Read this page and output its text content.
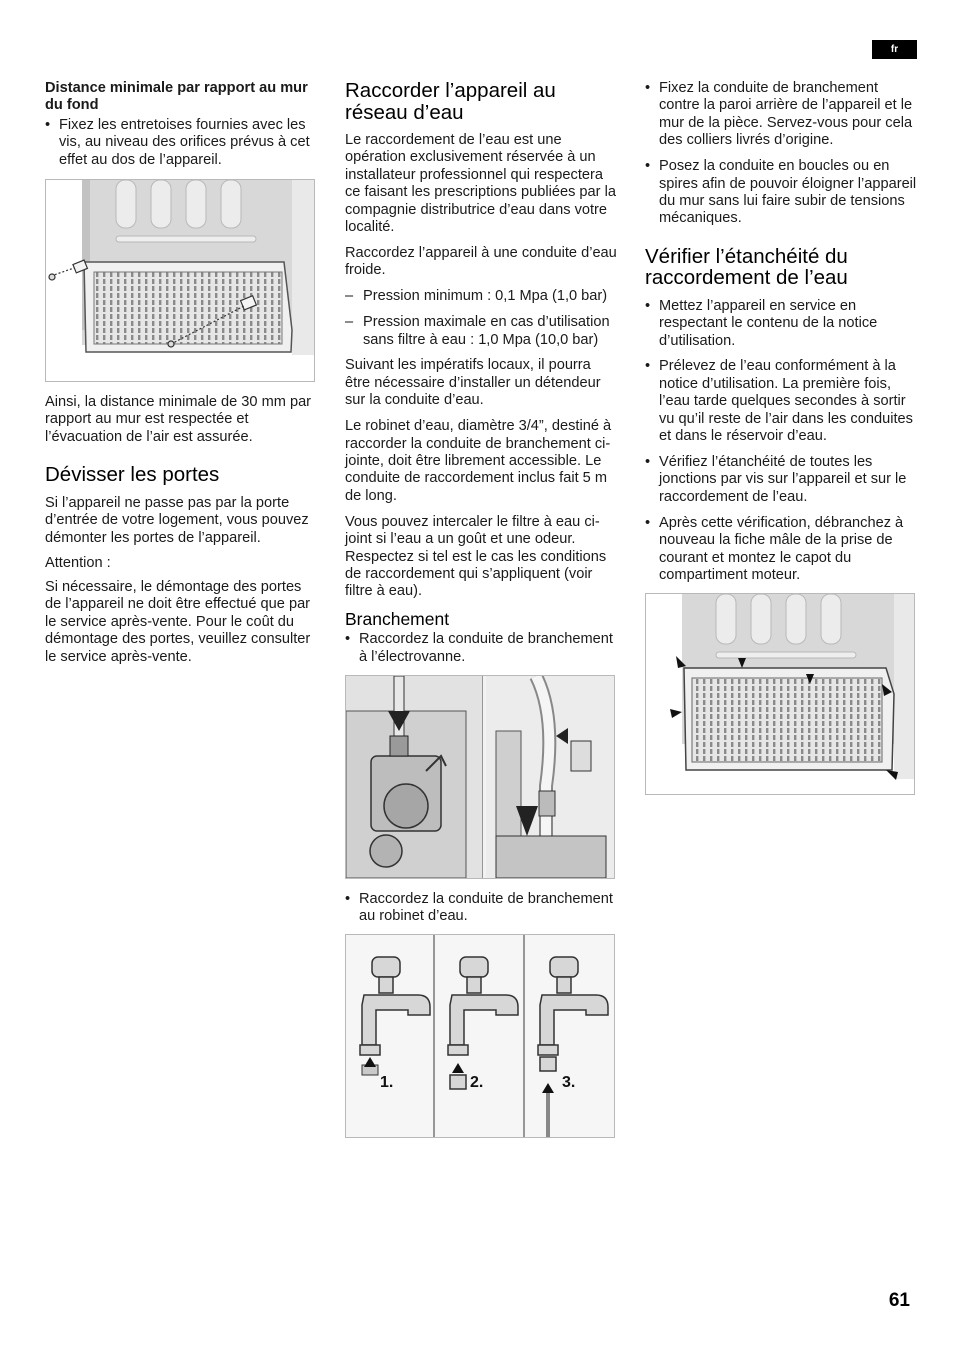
fr
Distance minimale par rapport au mur du fond
• Fixez les entretoises fournies avec les vis, au niveau des orifices prévus à cet effet au dos de l’appareil.

Ainsi, la distance minimale de 30 mm par rapport au mur est respectée et l’évacuation de l’air est assurée.

Dévisser les portes

Si l’appareil ne passe pas par la porte d’entrée de votre logement, vous pouvez démonter les portes de l’appareil.

Attention :

Si nécessaire, le démontage des portes de l’appareil ne doit être effectué que par le service après-vente. Pour le coût du démontage des portes, veuillez consulter le service après-vente.

Raccorder l’appareil au réseau d’eau

Le raccordement de l’eau est une opération exclusivement réservée à un installateur professionnel qui respectera ce faisant les prescriptions publiées par la compagnie distributrice d’eau dans votre localité.

Raccordez l’appareil à une conduite d’eau froide.

– Pression minimum : 0,1 Mpa (1,0 bar)
– Pression maximale en cas d’utilisation sans filtre à eau : 1,0 Mpa (10,0 bar)

Suivant les impératifs locaux, il pourra être nécessaire d’installer un détendeur sur la conduite d’eau.

Le robinet d’eau, diamètre 3/4”, destiné à raccorder la conduite de branchement ci-jointe, doit être librement accessible. Le conduite de raccordement inclus fait 5 m de long.

Vous pouvez intercaler le filtre à eau ci-joint si l’eau a un goût et une odeur. Respectez si tel est le cas les conditions de raccordement qui s’appliquent (voir filtre à eau).

Branchement
• Raccordez la conduite de branchement à l’électrovanne.
• Raccordez la conduite de branchement au robinet d’eau.
1.	2.	3.
• Fixez la conduite de branchement contre la paroi arrière de l’appareil et le mur de la pièce. Servez-vous pour cela des colliers livrés d’origine.
• Posez la conduite en boucles ou en spires afin de pouvoir éloigner l’appareil du mur sans lui faire subir de tensions mécaniques.
Vérifier l’étanchéité du raccordement de l’eau
• Mettez l’appareil en service en respectant le contenu de la notice d’utilisation.
• Prélevez de l’eau conformément à la notice d’utilisation. La première fois, l’eau tarde quelques secondes à sortir vu qu’il reste de l’air dans les conduites et dans le réservoir d’eau.
• Vérifiez l’étanchéité de toutes les jonctions par vis sur l’appareil et sur le raccordement de l’eau.
• Après cette vérification, débranchez à nouveau la fiche mâle de la prise de courant et montez le capot du compartiment moteur.
61
